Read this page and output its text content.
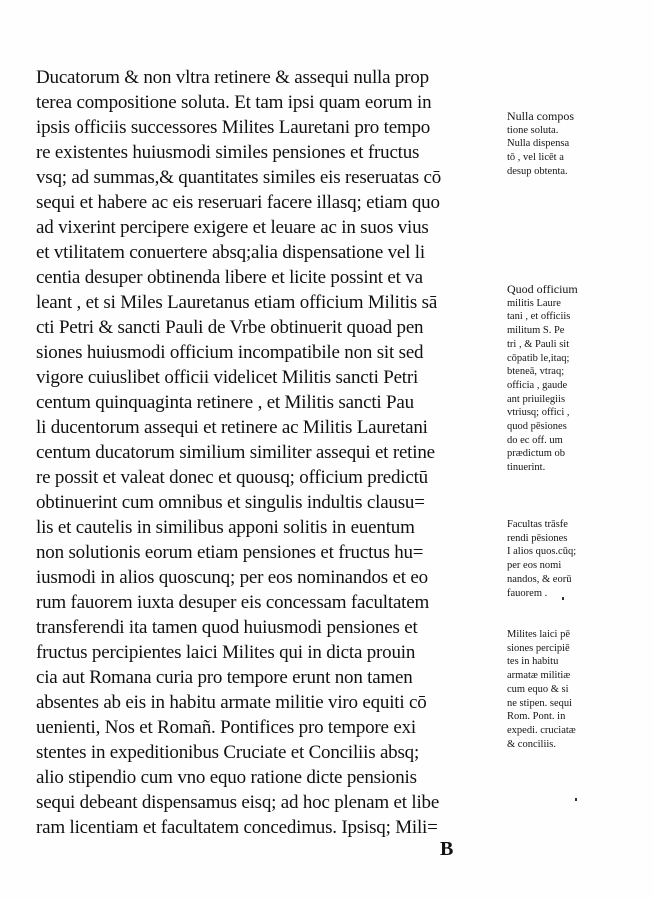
Ducatorum & non vltra retinere & assequi nulla prop
terea compositione soluta. Et tam ipsi quam eorum in
ipsis officiis successores Milites Lauretani pro tempo
re existentes huiusmodi similes pensiones et fructus
vsq; ad summas,& quantitates similes eis reseruatas cō
sequi et habere ac eis reseruari facere illasq; etiam quo
ad vixerint percipere exigere et leuare ac in suos vius
et vtilitatem conuertere absq;alia dispensatione vel li
centia desuper obtinenda libere et licite possint et va
leant , et si Miles Lauretanus etiam officium Militis sā
cti Petri & sancti Pauli de Vrbe obtinuerit quoad pen
siones huiusmodi officium incompatibile non sit sed
vigore cuiuslibet officii videlicet Militis sancti Petri
centum quinquaginta retinere , et Militis sancti Pau
li ducentorum assequi et retinere ac Militis Lauretani
centum ducatorum similium similiter assequi et retine
re possit et valeat donec et quousq; officium predictū
obtinuerint cum omnibus et singulis indultis clausu=
lis et cautelis in similibus apponi solitis in euentum
non solutionis eorum etiam pensiones et fructus hu=
iusmodi in alios quoscunq; per eos nominandos et eo
rum fauorem iuxta desuper eis concessam facultatem
transferendi ita tamen quod huiusmodi pensiones et
fructus percipientes laici Milites qui in dicta prouin
cia aut Romana curia pro tempore erunt non tamen
absentes ab eis in habitu armate militie viro equiti cō
uenienti, Nos et Romañ. Pontifices pro tempore exi
stentes in expeditionibus Cruciate et Conciliis absq;
alio stipendio cum vno equo ratione dicte pensionis
sequi debeant dispensamus eisq; ad hoc plenam et libe
ram licentiam et facultatem concedimus. Ipsisq; Mili=
B
Nulla compos
tione soluta.
Nulla dispensa
tō , vel licēt a
desup obtenta.
Quod officium
militis Laure
tani , et officiis
militum S. Pe
tri , & Pauli sit
cōpatib le,itaq;
bteneā, vtraq;
officia , gaude
ant priuilegiis
vtriusq; offici ,
quod pēsiones
do ec off. um
prædictum ob
tinuerint.
Facultas trāsfe
rendi pēsiones
I alios quos.cūq;
per eos nomi
nandos, & eorū
fauorem .
Milites laici pē
siones percipiē
tes in habitu
armatæ militiæ
cum equo & si
ne stipen. sequi
Rom. Pont. in
expedi. cruciatæ
& conciliis.
